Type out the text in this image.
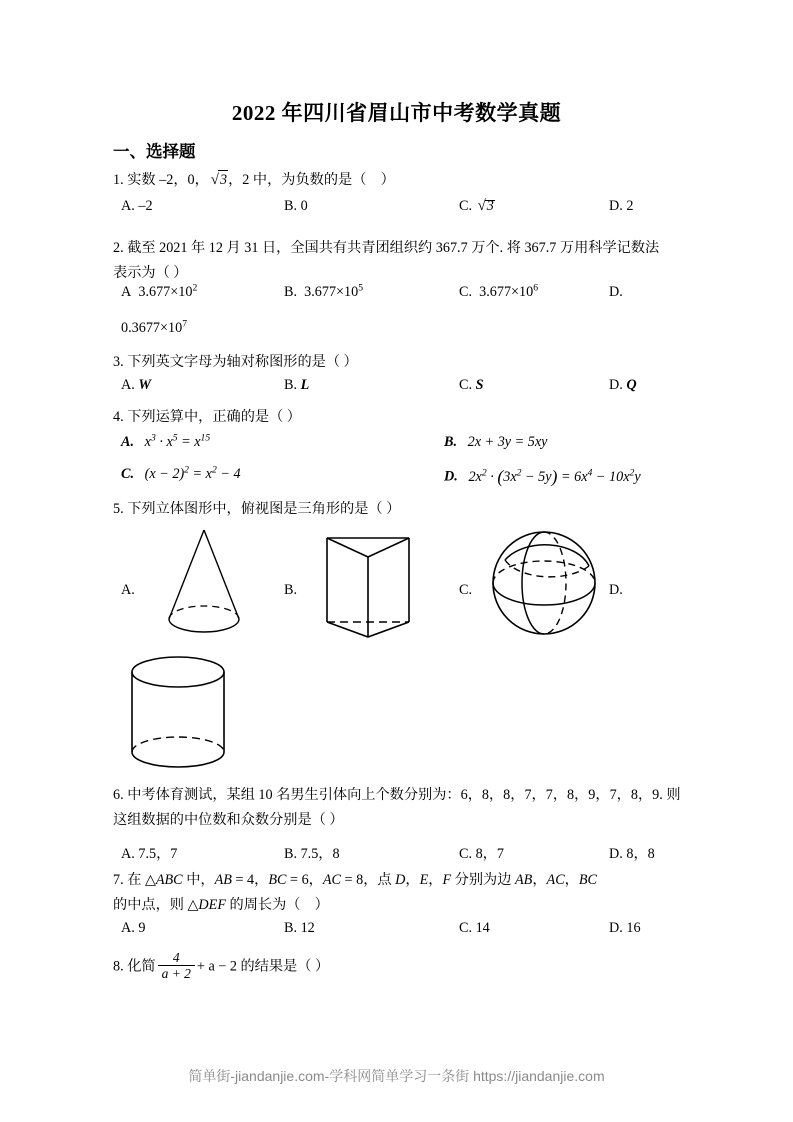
2022 年四川省眉山市中考数学真题
一、选择题
1. 实数 –2，0， √
3，2 中，为负数的是（    ）
A. –2	B. 0	C. √
3	D. 2
2. 截至 2021 年 12 月 31 日，全国共有共青团组织约 367.7 万个. 将 367.7 万用科学记数法
表示为（ ）
A $3.677\times 10^2$	B. $3.677\times 10^5$	C. $3.677\times 10^6$	D.
$0.3677\times 10^7$
3. 下列英文字母为轴对称图形的是（ ）
A. W	B. L	C. S	D. Q
4. 下列运算中，正确的是（ ）
A. $x^3 \cdot x^5 = x^{15}$	B. 2x + 3y = 5xy
C. $(x - 2)^2 = x^2 - 4$	D. $2x^2 \cdot (3x^2 - 5y) = 6x^4 - 10x^2y$
5. 下列立体图形中，俯视图是三角形的是（ ）
A.	B.	C.	D.
6. 中考体育测试，某组 10 名男生引体向上个数分别为：6，8，8，7，7，8，9，7，8，9. 则
这组数据的中位数和众数分别是（ ）
A. 7.5，7	B. 7.5，8	C. 8，7	D. 8，8
7. 在 △ABC 中，AB = 4，BC = 6，AC = 8，点 D，E，F 分别为边 AB，AC，BC
的中点，则 △DEF 的周长为（    ）
A. 9	B. 12	C. 14	D. 16
8. 化简 $\frac{4}{a + 2} + a - 2$ 的结果是（ ）
简单街-jiandanjie.com-学科网简单学习一条街 https://jiandanjie.com
